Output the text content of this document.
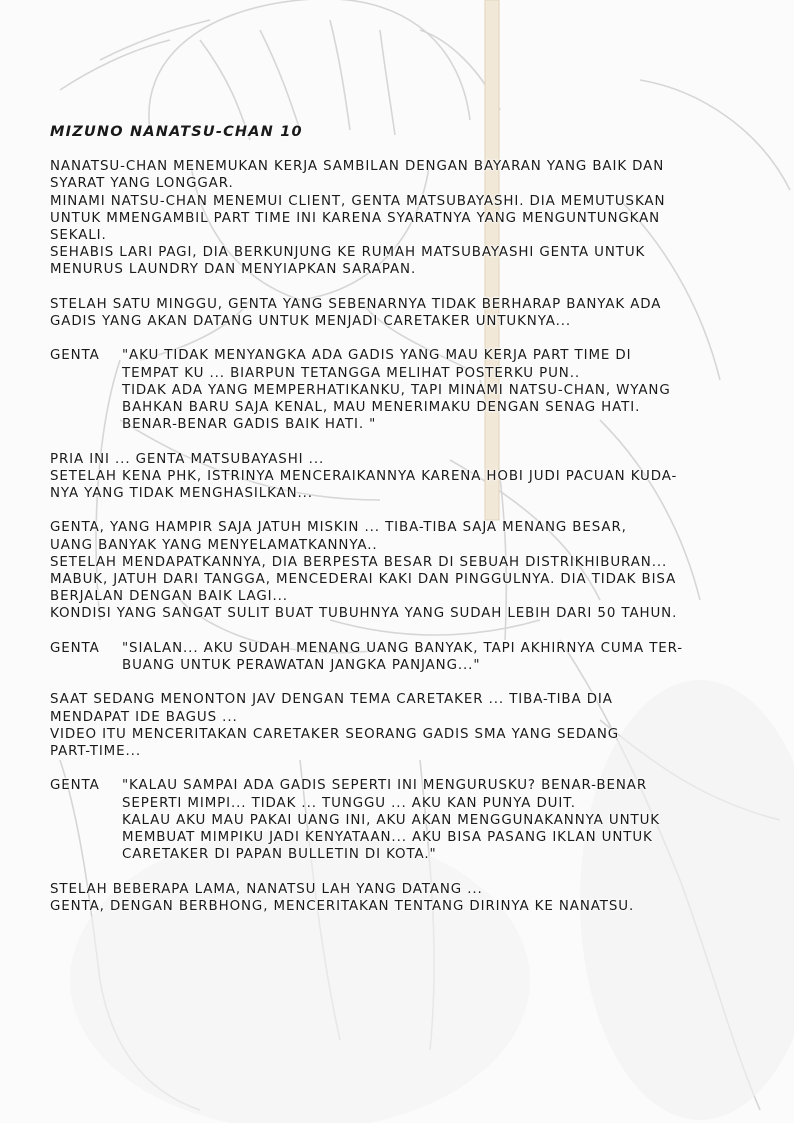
MIZUNO NANATSU-CHAN 10
NANATSU-CHAN MENEMUKAN KERJA SAMBILAN DENGAN BAYARAN YANG BAIK DAN
SYARAT YANG LONGGAR.
MINAMI NATSU-CHAN MENEMUI CLIENT, GENTA MATSUBAYASHI. DIA MEMUTUSKAN
UNTUK MMENGAMBIL PART TIME INI KARENA SYARATNYA YANG MENGUNTUNGKAN
SEKALI.
SEHABIS LARI PAGI, DIA BERKUNJUNG KE RUMAH MATSUBAYASHI GENTA UNTUK
MENURUS LAUNDRY DAN MENYIAPKAN SARAPAN.
STELAH SATU MINGGU, GENTA YANG SEBENARNYA TIDAK BERHARAP BANYAK ADA
GADIS YANG AKAN DATANG UNTUK MENJADI CARETAKER UNTUKNYA...
GENTA	"AKU TIDAK MENYANGKA ADA GADIS YANG MAU KERJA PART TIME DI
TEMPAT KU ... BIARPUN TETANGGA MELIHAT POSTERKU PUN..
TIDAK ADA YANG MEMPERHATIKANKU, TAPI MINAMI NATSU-CHAN, WYANG
BAHKAN BARU SAJA KENAL, MAU MENERIMAKU DENGAN SENAG HATI.
BENAR-BENAR GADIS BAIK HATI. "
PRIA INI ... GENTA MATSUBAYASHI ...
SETELAH KENA PHK, ISTRINYA MENCERAIKANNYA KARENA HOBI JUDI PACUAN KUDA-
NYA YANG TIDAK MENGHASILKAN...
GENTA, YANG HAMPIR SAJA JATUH MISKIN ... TIBA-TIBA SAJA MENANG BESAR,
UANG BANYAK YANG MENYELAMATKANNYA..
SETELAH MENDAPATKANNYA, DIA BERPESTA BESAR DI SEBUAH DISTRIKHIBURAN...
MABUK, JATUH DARI TANGGA, MENCEDERAI KAKI DAN PINGGULNYA. DIA TIDAK BISA
BERJALAN DENGAN BAIK LAGI...
KONDISI YANG SANGAT SULIT BUAT TUBUHNYA YANG SUDAH LEBIH DARI 50 TAHUN.
GENTA	"SIALAN... AKU SUDAH MENANG UANG BANYAK, TAPI AKHIRNYA CUMA TER-
BUANG UNTUK PERAWATAN JANGKA PANJANG..."
SAAT SEDANG MENONTON JAV DENGAN TEMA CARETAKER ... TIBA-TIBA DIA
MENDAPAT IDE BAGUS ...
VIDEO ITU MENCERITAKAN CARETAKER SEORANG GADIS SMA YANG SEDANG
PART-TIME...
GENTA	"KALAU SAMPAI ADA GADIS SEPERTI INI MENGURUSKU? BENAR-BENAR
SEPERTI MIMPI... TIDAK ... TUNGGU ... AKU KAN PUNYA DUIT.
KALAU AKU MAU PAKAI UANG INI, AKU AKAN MENGGUNAKANNYA UNTUK
MEMBUAT MIMPIKU JADI KENYATAAN... AKU BISA PASANG IKLAN UNTUK
CARETAKER DI PAPAN BULLETIN DI KOTA."
STELAH BEBERAPA LAMA, NANATSU LAH YANG DATANG ...
GENTA, DENGAN BERBHONG, MENCERITAKAN TENTANG DIRINYA KE NANATSU.
